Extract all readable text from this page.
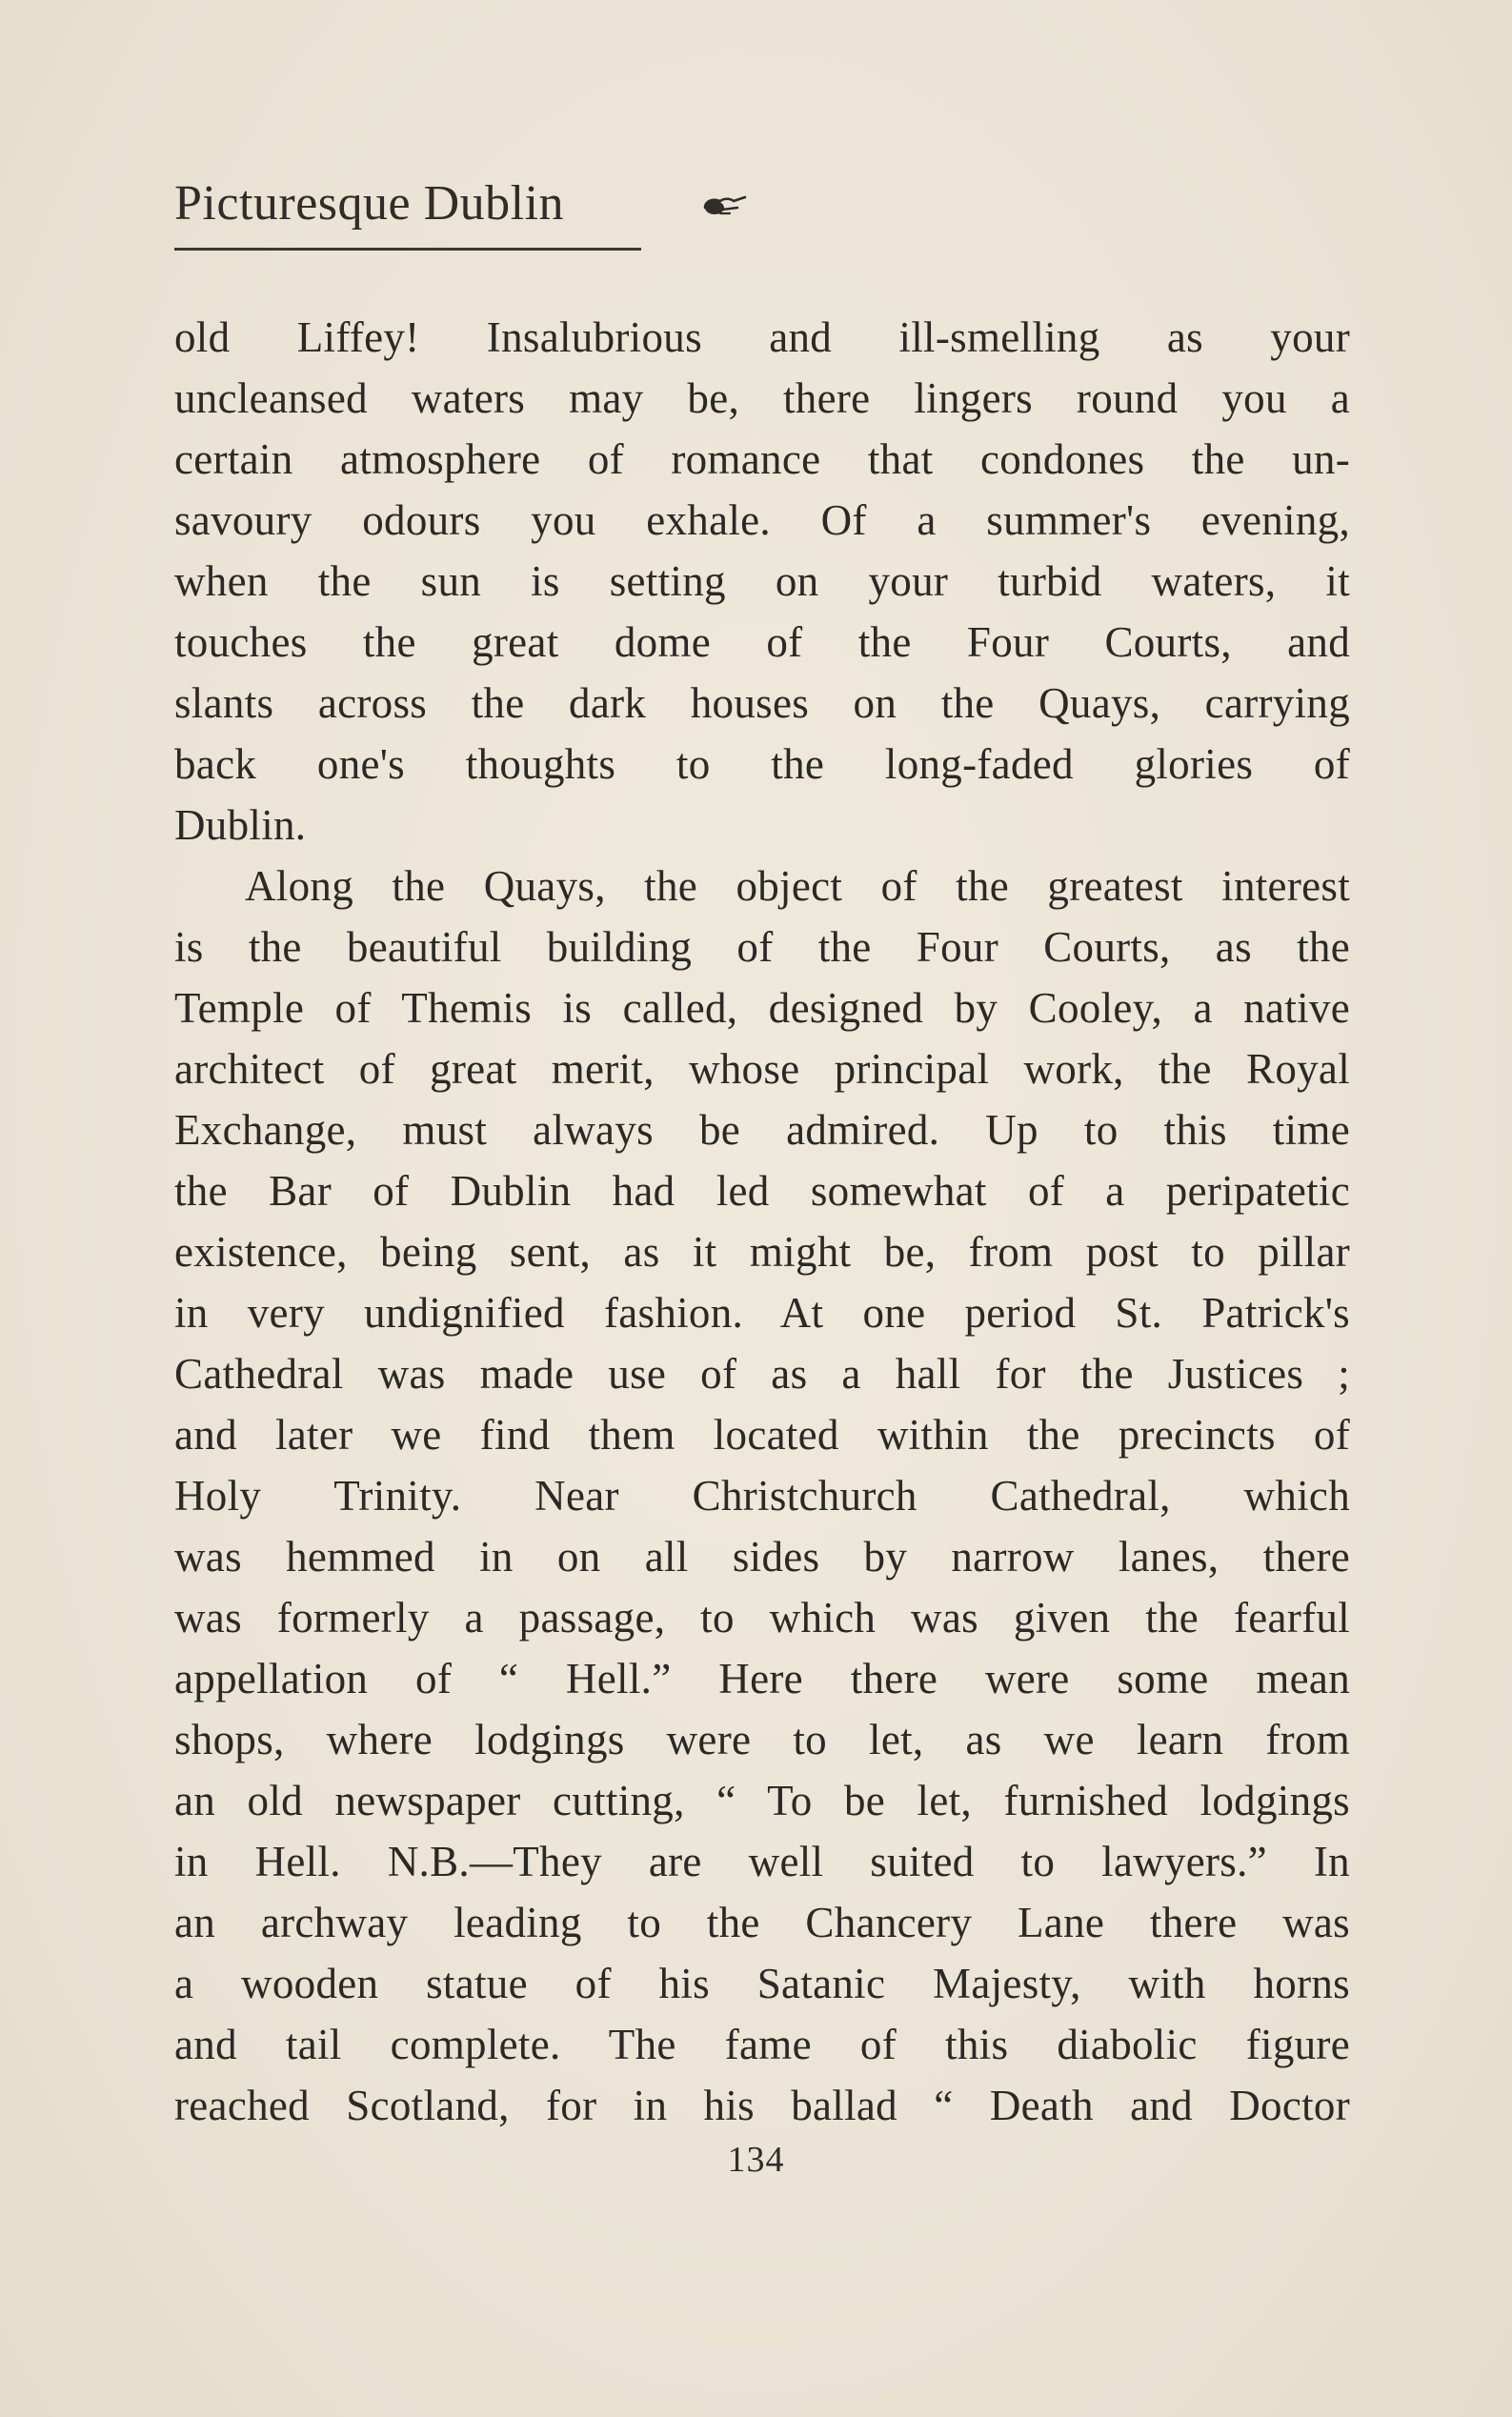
Picturesque Dublin
old Liffey! Insalubrious and ill-smelling as your
uncleansed waters may be, there lingers round you a
certain atmosphere of romance that condones the un-
savoury odours you exhale. Of a summer's evening,
when the sun is setting on your turbid waters, it
touches the great dome of the Four Courts, and
slants across the dark houses on the Quays, carrying
back one's thoughts to the long-faded glories of
Dublin.
Along the Quays, the object of the greatest interest
is the beautiful building of the Four Courts, as the
Temple of Themis is called, designed by Cooley, a native
architect of great merit, whose principal work, the Royal
Exchange, must always be admired. Up to this time
the Bar of Dublin had led somewhat of a peripatetic
existence, being sent, as it might be, from post to pillar
in very undignified fashion. At one period St. Patrick's
Cathedral was made use of as a hall for the Justices ;
and later we find them located within the precincts of
Holy Trinity. Near Christchurch Cathedral, which
was hemmed in on all sides by narrow lanes, there
was formerly a passage, to which was given the fearful
appellation of “ Hell.” Here there were some mean
shops, where lodgings were to let, as we learn from
an old newspaper cutting, “ To be let, furnished lodgings
in Hell. N.B.—They are well suited to lawyers.” In
an archway leading to the Chancery Lane there was
a wooden statue of his Satanic Majesty, with horns
and tail complete. The fame of this diabolic figure
reached Scotland, for in his ballad “ Death and Doctor
134
